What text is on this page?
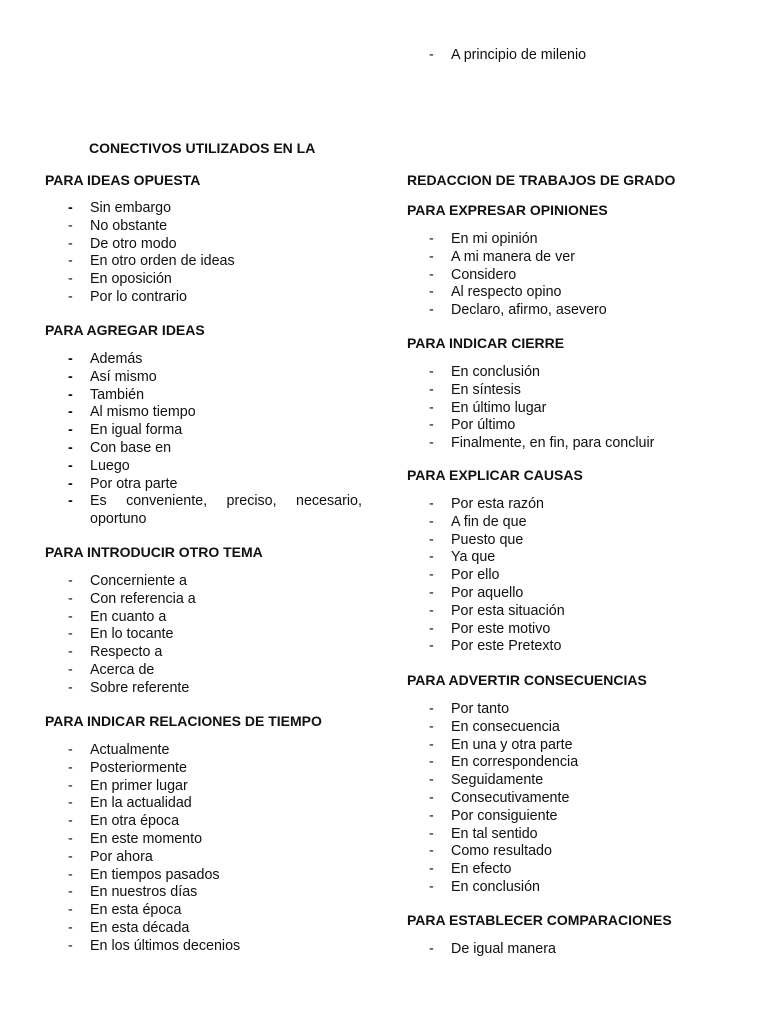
-	A principio de milenio
CONECTIVOS UTILIZADOS EN LA
PARA IDEAS OPUESTA
-	Sin embargo
-	No obstante
-	De otro modo
-	En otro orden de ideas
-	En oposición
-	Por lo contrario
PARA AGREGAR IDEAS
-	Además
-	Así mismo
-	También
-	Al mismo tiempo
-	En igual forma
-	Con base en
-	Luego
-	Por otra parte
-	Es conveniente, preciso, necesario,
oportuno
PARA INTRODUCIR OTRO TEMA
-	Concerniente a
-	Con referencia a
-	En cuanto a
-	En lo tocante
-	Respecto a
-	Acerca de
-	Sobre referente
PARA INDICAR RELACIONES DE TIEMPO
-	Actualmente
-	Posteriormente
-	En primer lugar
-	En la actualidad
-	En otra época
-	En este momento
-	Por ahora
-	En tiempos pasados
-	En nuestros días
-	En esta época
-	En esta década
-	En los últimos decenios
REDACCION DE TRABAJOS DE GRADO
PARA EXPRESAR OPINIONES
-	En mi opinión
-	A mi manera de ver
-	Considero
-	Al respecto opino
-	Declaro, afirmo, asevero
PARA INDICAR CIERRE
-	En conclusión
-	En síntesis
-	En último lugar
-	Por último
-	Finalmente, en fin, para concluir
PARA EXPLICAR CAUSAS
-	Por esta razón
-	A fin de que
-	Puesto que
-	Ya que
-	Por ello
-	Por aquello
-	Por esta situación
-	Por este motivo
-	Por este Pretexto
PARA ADVERTIR CONSECUENCIAS
-	Por tanto
-	En consecuencia
-	En una y otra parte
-	En correspondencia
-	Seguidamente
-	Consecutivamente
-	Por consiguiente
-	En tal sentido
-	Como resultado
-	En efecto
-	En conclusión
PARA ESTABLECER COMPARACIONES
-	De igual manera
